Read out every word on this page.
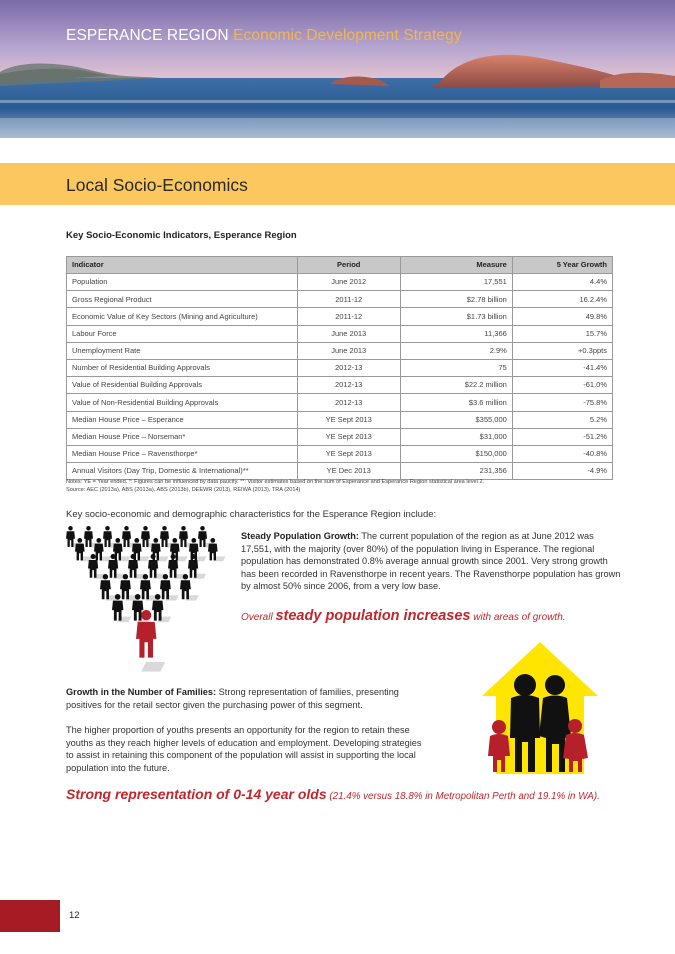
ESPERANCE REGION Economic Development Strategy
Local Socio-Economics
Key Socio-Economic Indicators, Esperance Region
Indicator	Period	Measure	5 Year Growth
Population	June 2012	17,551	4.4%
Gross Regional Product	2011-12	$2.78 billion	16.2.4%
Economic Value of Key Sectors (Mining and Agriculture)	2011-12	$1.73 billion	49.8%
Labour Force	June 2013	11,366	15.7%
Unemployment Rate	June 2013	2.9%	+0.3ppts
Number of Residential Building Approvals	2012-13	75	-41.4%
Value of Residential Building Approvals	2012-13	$22.2 million	-61.0%
Value of Non-Residential Building Approvals	2012-13	$3.6 million	-75.8%
Median House Price – Esperance	YE Sept 2013	$355,000	5.2%
Median House Price – Norseman*	YE Sept 2013	$31,000	-51.2%
Median House Price – Ravensthorpe*	YE Sept 2013	$150,000	-40.8%
Annual Visitors (Day Trip, Domestic & International)**	YE Dec 2013	231,356	-4.9%
Notes: YE = Year ended. *: Figures can be influenced by data paucity. **: Visitor estimates based on the sum of Esperance and Esperance Region statistical area level 2.
Source: AEC (2013a), ABS (2013a), ABS (2013b), DEEWR (2013), REIWA (2013), TRA (2014)
Key socio-economic and demographic characteristics for the Esperance Region include:
Steady Population Growth: The current population of the region as at June 2012 was 17,551, with the majority (over 80%) of the population living in Esperance. The regional population has demonstrated 0.8% average annual growth since 2001. Very strong growth has been recorded in Ravensthorpe in recent years. The Ravensthorpe population has grown by almost 50% since 2006, from a very low base.
Overall steady population increases with areas of growth.
Growth in the Number of Families: Strong representation of families, presenting positives for the retail sector given the purchasing power of this segment.
The higher proportion of youths presents an opportunity for the region to retain these youths as they reach higher levels of education and employment. Developing strategies to assist in retaining this component of the population will assist in supporting the local population into the future.
Strong representation of 0-14 year olds (21.4% versus 18.8% in Metropolitan Perth and 19.1% in WA).
12
